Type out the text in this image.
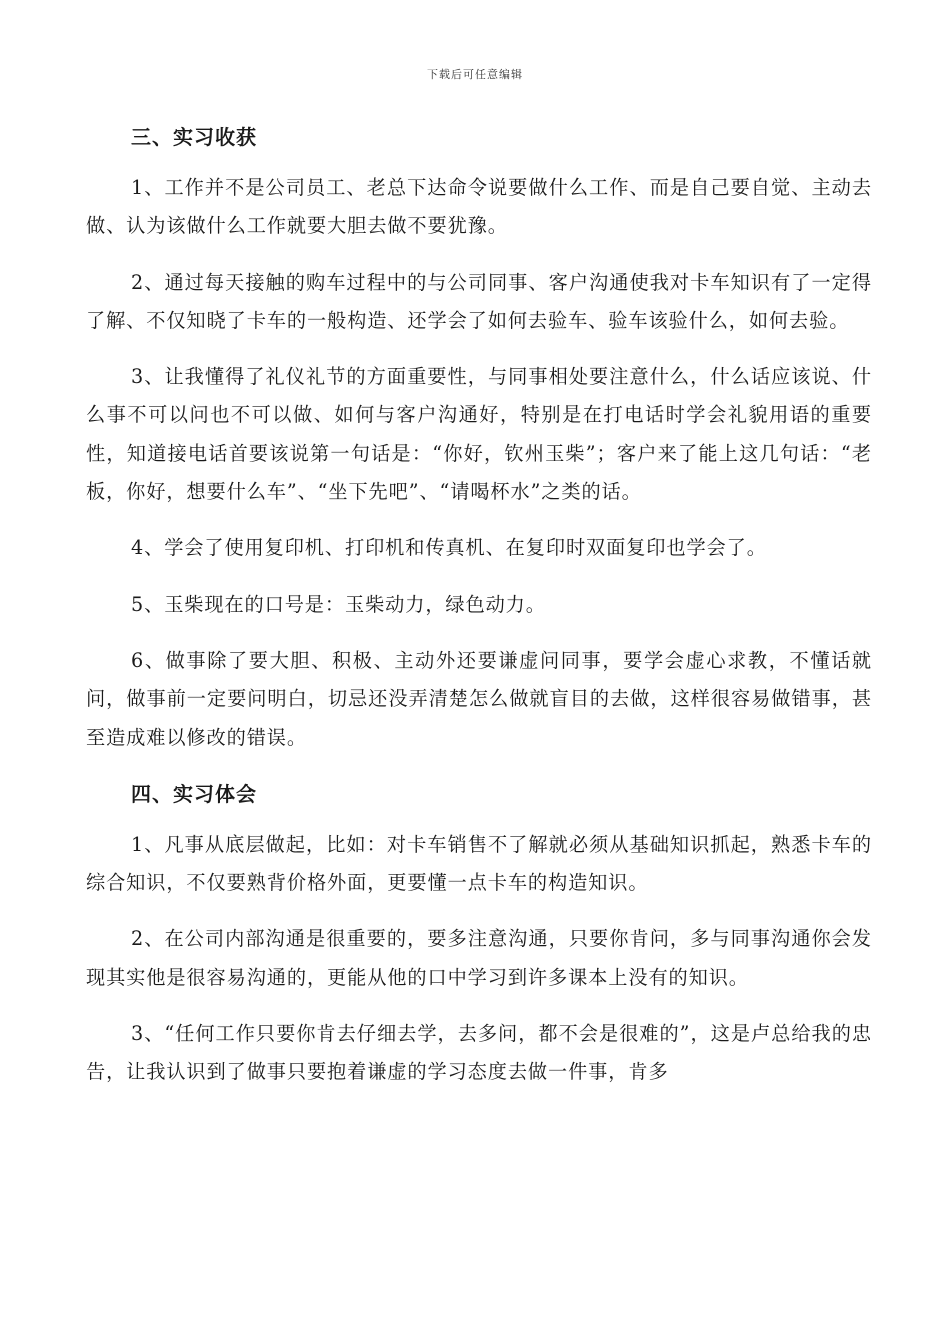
下载后可任意编辑
三、实习收获

1、工作并不是公司员工、老总下达命令说要做什么工作、而是自己要自觉、主动去做、认为该做什么工作就要大胆去做不要犹豫。

2、通过每天接触的购车过程中的与公司同事、客户沟通使我对卡车知识有了一定得了解、不仅知晓了卡车的一般构造、还学会了如何去验车、验车该验什么，如何去验。

3、让我懂得了礼仪礼节的方面重要性，与同事相处要注意什么，什么话应该说、什么事不可以问也不可以做、如何与客户沟通好，特别是在打电话时学会礼貌用语的重要性，知道接电话首要该说第一句话是：“你好，钦州玉柴”；客户来了能上这几句话：“老板，你好，想要什么车”、“坐下先吧”、“请喝杯水”之类的话。

4、学会了使用复印机、打印机和传真机、在复印时双面复印也学会了。

5、玉柴现在的口号是：玉柴动力，绿色动力。

6、做事除了要大胆、积极、主动外还要谦虚问同事，要学会虚心求教，不懂话就问，做事前一定要问明白，切忌还没弄清楚怎么做就盲目的去做，这样很容易做错事，甚至造成难以修改的错误。

四、实习体会

1、凡事从底层做起，比如：对卡车销售不了解就必须从基础知识抓起，熟悉卡车的综合知识，不仅要熟背价格外面，更要懂一点卡车的构造知识。

2、在公司内部沟通是很重要的，要多注意沟通，只要你肯问，多与同事沟通你会发现其实他是很容易沟通的，更能从他的口中学习到许多课本上没有的知识。

3、“任何工作只要你肯去仔细去学，去多问，都不会是很难的”，这是卢总给我的忠告，让我认识到了做事只要抱着谦虚的学习态度去做一件事，肯多
